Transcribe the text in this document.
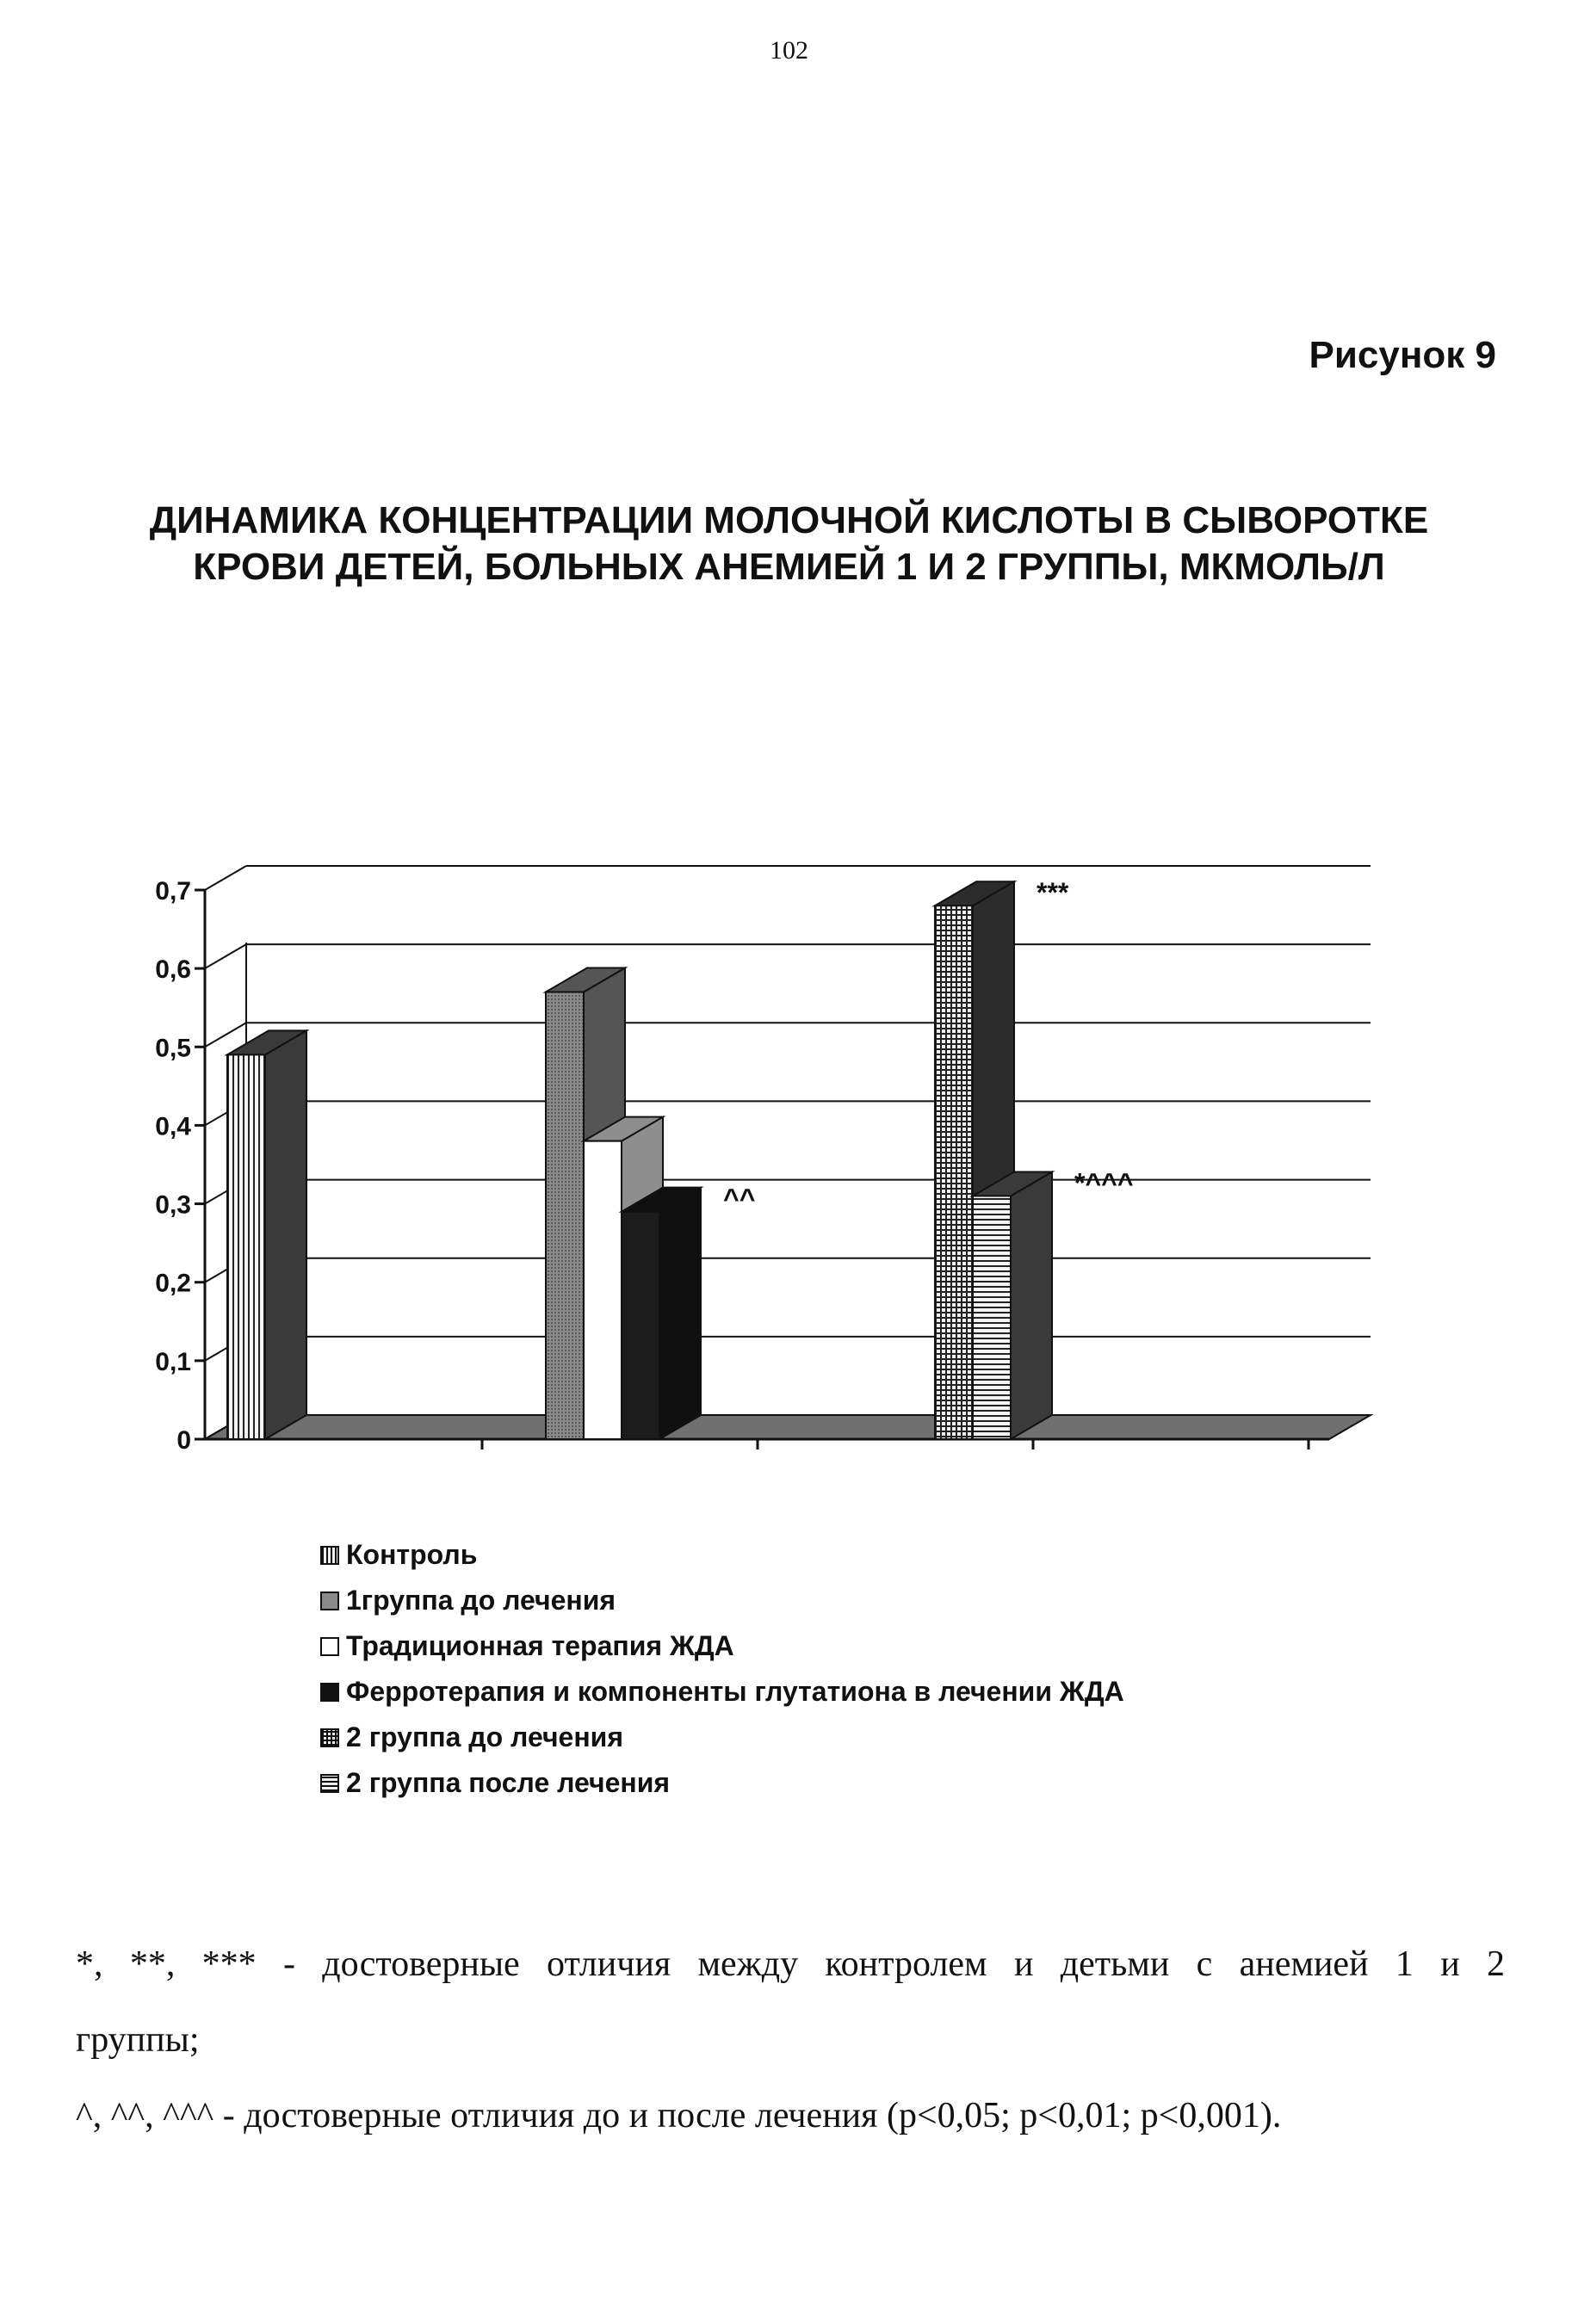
102
Рисунок 9
ДИНАМИКА КОНЦЕНТРАЦИИ МОЛОЧНОЙ КИСЛОТЫ В СЫВОРОТКЕ
КРОВИ ДЕТЕЙ, БОЛЬНЫХ АНЕМИЕЙ 1 И 2 ГРУППЫ, МКМОЛЬ/Л
0
0,1
0,2
0,3
0,4
0,5
0,6
0,7
^^
***
*^^^
Контроль
1группа до лечения
Традиционная терапия ЖДА
Ферротерапия и компоненты глутатиона в лечении ЖДА
2 группа до лечения
2 группа после лечения

*, **, *** - достоверные отличия между контролем и детьми с анемией 1 и 2

группы;

^, ^^, ^^^ - достоверные отличия до и после лечения (p<0,05; p<0,01; p<0,001).
